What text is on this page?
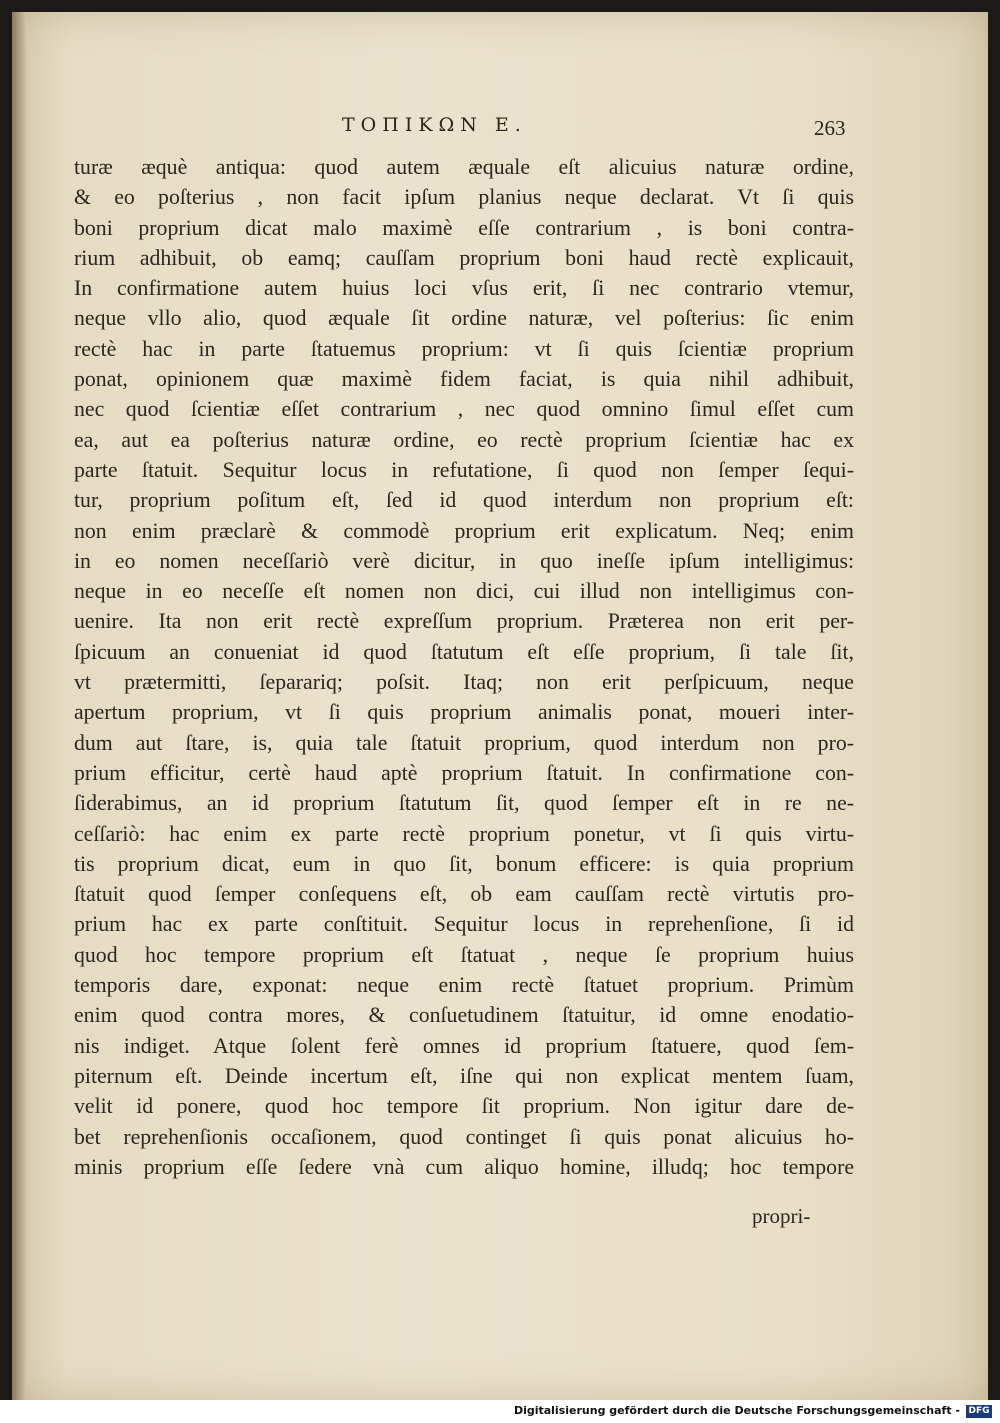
ΤΟΠΙΚΩΝ Ε.	263
turæ æquè antiqua: quod autem æquale eſt alicuius naturæ ordine,
& eo poſterius , non facit ipſum planius neque declarat. Vt ſi quis
boni proprium dicat malo maximè eſſe contrarium , is boni contra-
rium adhibuit, ob eamq; cauſſam proprium boni haud rectè explicauit,
In confirmatione autem huius loci vſus erit, ſi nec contrario vtemur,
neque vllo alio, quod æquale ſit ordine naturæ, vel poſterius: ſic enim
rectè hac in parte ſtatuemus proprium: vt ſi quis ſcientiæ proprium
ponat, opinionem quæ maximè fidem faciat, is quia nihil adhibuit,
nec quod ſcientiæ eſſet contrarium , nec quod omnino ſimul eſſet cum
ea, aut ea poſterius naturæ ordine, eo rectè proprium ſcientiæ hac ex
parte ſtatuit. Sequitur locus in refutatione, ſi quod non ſemper ſequi-
tur, proprium poſitum eſt, ſed id quod interdum non proprium eſt:
non enim præclarè & commodè proprium erit explicatum. Neq; enim
in eo nomen neceſſariò verè dicitur, in quo ineſſe ipſum intelligimus:
neque in eo neceſſe eſt nomen non dici, cui illud non intelligimus con-
uenire. Ita non erit rectè expreſſum proprium. Præterea non erit per-
ſpicuum an conueniat id quod ſtatutum eſt eſſe proprium, ſi tale ſit,
vt prætermitti, ſeparariq; poſsit. Itaq; non erit perſpicuum, neque
apertum proprium, vt ſi quis proprium animalis ponat, moueri inter-
dum aut ſtare, is, quia tale ſtatuit proprium, quod interdum non pro-
prium efficitur, certè haud aptè proprium ſtatuit. In confirmatione con-
ſiderabimus, an id proprium ſtatutum ſit, quod ſemper eſt in re ne-
ceſſariò: hac enim ex parte rectè proprium ponetur, vt ſi quis virtu-
tis proprium dicat, eum in quo ſit, bonum efficere: is quia proprium
ſtatuit quod ſemper conſequens eſt, ob eam cauſſam rectè virtutis pro-
prium hac ex parte conſtituit. Sequitur locus in reprehenſione, ſi id
quod hoc tempore proprium eſt ſtatuat , neque ſe proprium huius
temporis dare, exponat: neque enim rectè ſtatuet proprium. Primùm
enim quod contra mores, & conſuetudinem ſtatuitur, id omne enodatio-
nis indiget. Atque ſolent ferè omnes id proprium ſtatuere, quod ſem-
piternum eſt. Deinde incertum eſt, iſne qui non explicat mentem ſuam,
velit id ponere, quod hoc tempore ſit proprium. Non igitur dare de-
bet reprehenſionis occaſionem, quod continget ſi quis ponat alicuius ho-
minis proprium eſſe ſedere vnà cum aliquo homine, illudq; hoc tempore
propri-
Digitalisierung gefördert durch die Deutsche Forschungsgemeinschaft - DFG
